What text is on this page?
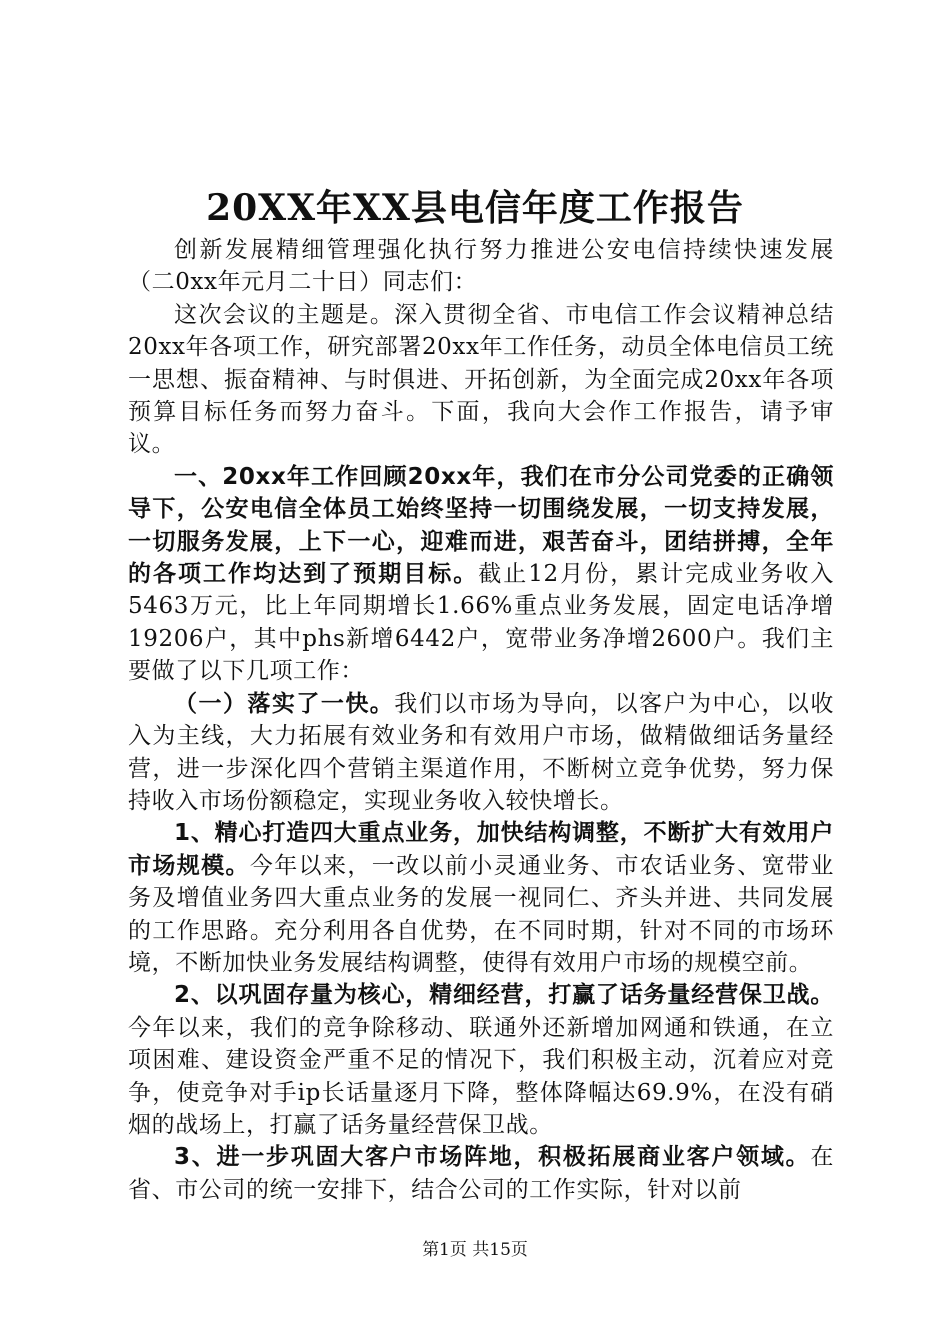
20XX年XX县电信年度工作报告

创新发展精细管理强化执行努力推进公安电信持续快速发展（二0xx年元月二十日）同志们：

这次会议的主题是。深入贯彻全省、市电信工作会议精神总结20xx年各项工作，研究部署20xx年工作任务，动员全体电信员工统一思想、振奋精神、与时俱进、开拓创新，为全面完成20xx年各项预算目标任务而努力奋斗。下面，我向大会作工作报告，请予审议。

一、20xx年工作回顾20xx年，我们在市分公司党委的正确领导下，公安电信全体员工始终坚持一切围绕发展，一切支持发展，一切服务发展，上下一心，迎难而进，艰苦奋斗，团结拼搏，全年的各项工作均达到了预期目标。截止12月份，累计完成业务收入5463万元，比上年同期增长1.66%重点业务发展，固定电话净增19206户，其中phs新增6442户，宽带业务净增2600户。我们主要做了以下几项工作：

（一）落实了一快。我们以市场为导向，以客户为中心，以收入为主线，大力拓展有效业务和有效用户市场，做精做细话务量经营，进一步深化四个营销主渠道作用，不断树立竞争优势，努力保持收入市场份额稳定，实现业务收入较快增长。

1、精心打造四大重点业务，加快结构调整，不断扩大有效用户市场规模。今年以来，一改以前小灵通业务、市农话业务、宽带业务及增值业务四大重点业务的发展一视同仁、齐头并进、共同发展的工作思路。充分利用各自优势，在不同时期，针对不同的市场环境，不断加快业务发展结构调整，使得有效用户市场的规模空前。

2、以巩固存量为核心，精细经营，打赢了话务量经营保卫战。今年以来，我们的竞争除移动、联通外还新增加网通和铁通，在立项困难、建设资金严重不足的情况下，我们积极主动，沉着应对竞争，使竞争对手ip长话量逐月下降，整体降幅达69.9%，在没有硝烟的战场上，打赢了话务量经营保卫战。

3、进一步巩固大客户市场阵地，积极拓展商业客户领域。在省、市公司的统一安排下，结合公司的工作实际，针对以前

第1页 共15页
